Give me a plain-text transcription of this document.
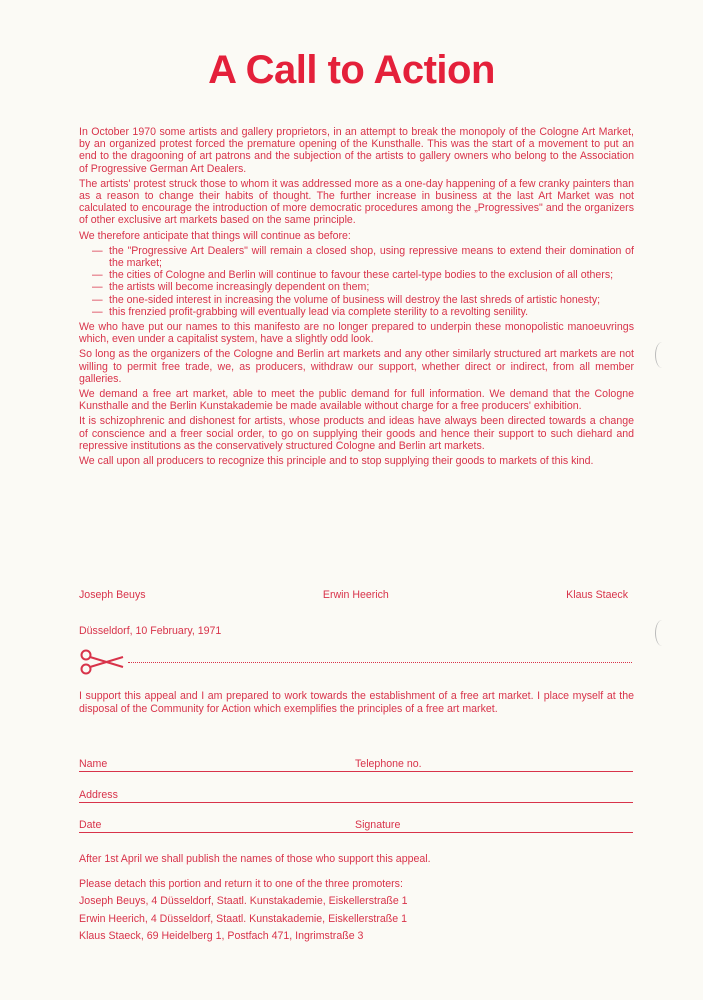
A Call to Action

In October 1970 some artists and gallery proprietors, in an attempt to break the monopoly of the Cologne Art Market, by an organized protest forced the premature opening of the Kunsthalle. This was the start of a movement to put an end to the dragooning of art patrons and the subjection of the artists to gallery owners who belong to the Association of Progressive German Art Dealers.

The artists' protest struck those to whom it was addressed more as a one-day happening of a few cranky painters than as a reason to change their habits of thought. The further increase in business at the last Art Market was not calculated to encourage the introduction of more democratic procedures among the „Progressives" and the organizers of other exclusive art markets based on the same principle.

We therefore anticipate that things will continue as before:

— the "Progressive Art Dealers" will remain a closed shop, using repressive means to extend their domination of the market;
— the cities of Cologne and Berlin will continue to favour these cartel-type bodies to the exclusion of all others;
— the artists will become increasingly dependent on them;
— the one-sided interest in increasing the volume of business will destroy the last shreds of artistic honesty;
— this frenzied profit-grabbing will eventually lead via complete sterility to a revolting senility.

We who have put our names to this manifesto are no longer prepared to underpin these monopolistic manoeuvrings which, even under a capitalist system, have a slightly odd look.

So long as the organizers of the Cologne and Berlin art markets and any other similarly structured art markets are not willing to permit free trade, we, as producers, withdraw our support, whether direct or indirect, from all member galleries.

We demand a free art market, able to meet the public demand for full information. We demand that the Cologne Kunsthalle and the Berlin Kunstakademie be made available without charge for a free producers' exhibition.

It is schizophrenic and dishonest for artists, whose products and ideas have always been directed towards a change of conscience and a freer social order, to go on supplying their goods and hence their support to such diehard and repressive institutions as the conservatively structured Cologne and Berlin art markets.

We call upon all producers to recognize this principle and to stop supplying their goods to markets of this kind.

Joseph Beuys	Erwin Heerich	Klaus Staeck
Düsseldorf, 10 February, 1971
I support this appeal and I am prepared to work towards the establishment of a free art market. I place myself at the disposal of the Community for Action which exemplifies the principles of a free art market.
Name	Telephone no.
Address
Date	Signature
After 1st April we shall publish the names of those who support this appeal.
Please detach this portion and return it to one of the three promoters:
Joseph Beuys, 4 Düsseldorf, Staatl. Kunstakademie, Eiskellerstraße 1
Erwin Heerich, 4 Düsseldorf, Staatl. Kunstakademie, Eiskellerstraße 1
Klaus Staeck, 69 Heidelberg 1, Postfach 471, Ingrimstraße 3
